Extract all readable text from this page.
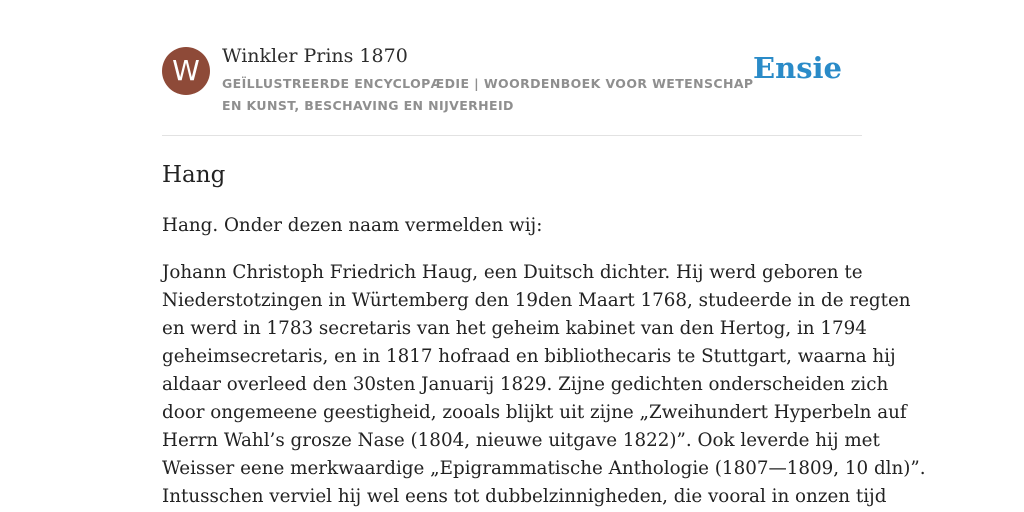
W	Winkler Prins 1870
GEÏLLUSTREERDE ENCYCLOPÆDIE | WOORDENBOEK VOOR WETENSCHAP EN KUNST, BESCHAVING EN NIJVERHEID
Ensie
Hang

Hang. Onder dezen naam vermelden wij:

Johann Christoph Friedrich Haug, een Duitsch dichter. Hij werd geboren te
Niederstotzingen in Würtemberg den 19den Maart 1768, studeerde in de regten
en werd in 1783 secretaris van het geheim kabinet van den Hertog, in 1794
geheimsecretaris, en in 1817 hofraad en bibliothecaris te Stuttgart, waarna hij
aldaar overleed den 30sten Januarij 1829. Zijne gedichten onderscheiden zich
door ongemeene geestigheid, zooals blijkt uit zijne „Zweihundert Hyperbeln auf
Herrn Wahl’s grosze Nase (1804, nieuwe uitgave 1822)”. Ook leverde hij met
Weisser eene merkwaardige „Epigrammatische Anthologie (1807—1809, 10 dln)”.
Intusschen verviel hij wel eens tot dubbelzinnigheden, die vooral in onzen tijd
